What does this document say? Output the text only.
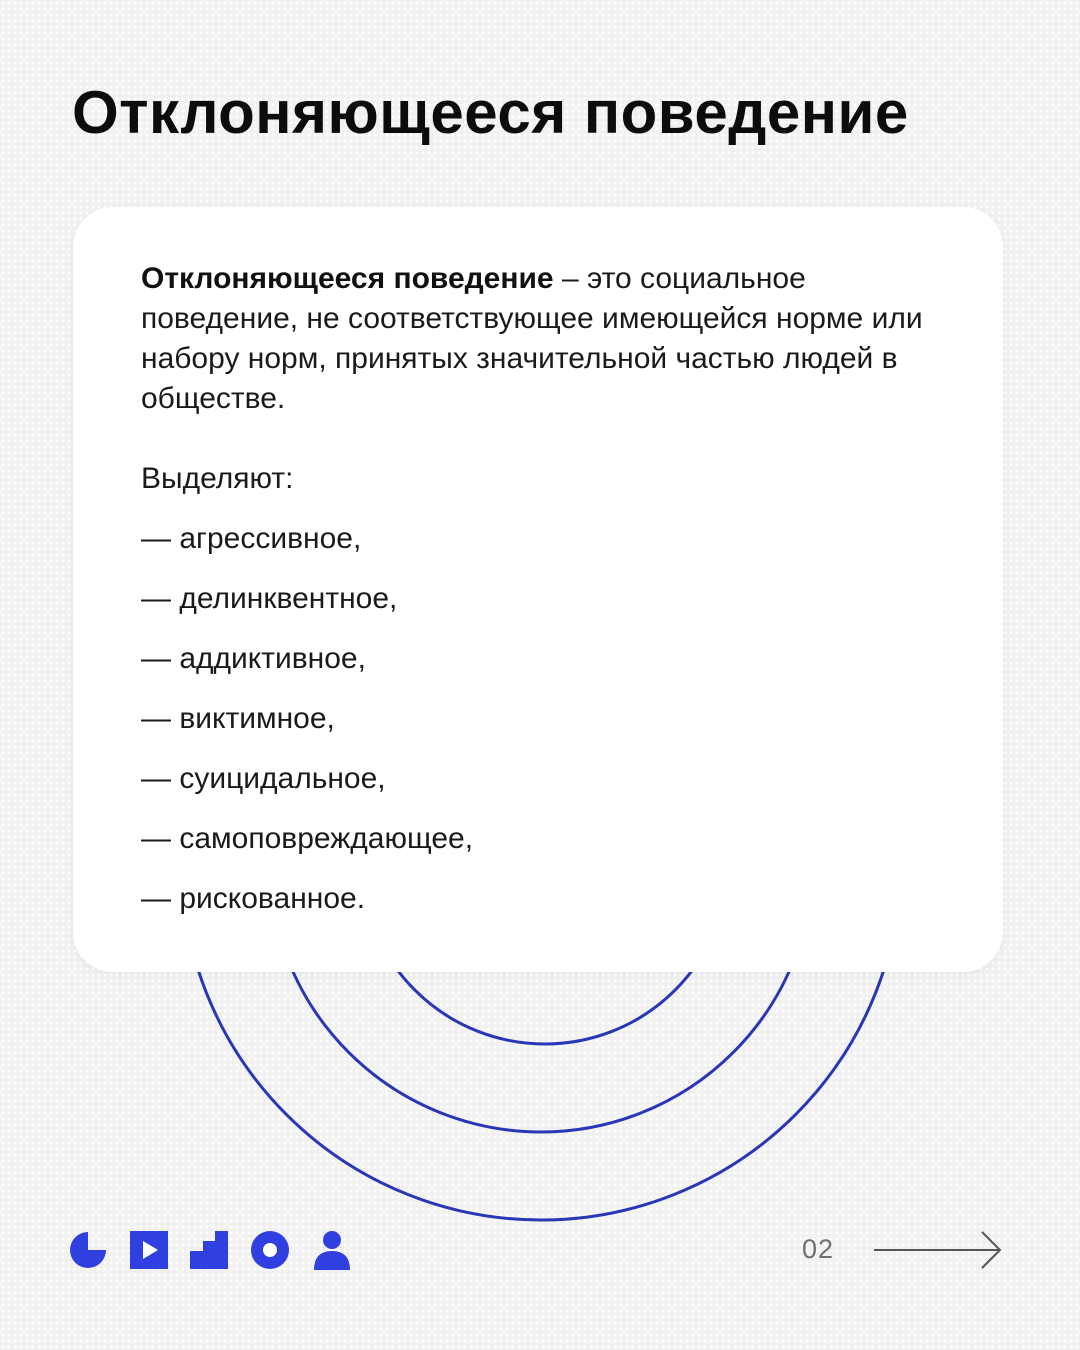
Отклоняющееся поведение

Отклоняющееся поведение – это социальное поведение, не соответствующее имеющейся норме или набору норм, принятых значительной частью людей в обществе.

Выделяют:

— агрессивное,
— делинквентное,
— аддиктивное,
— виктимное,
— суицидальное,
— самоповреждающее,
— рискованное.
02
